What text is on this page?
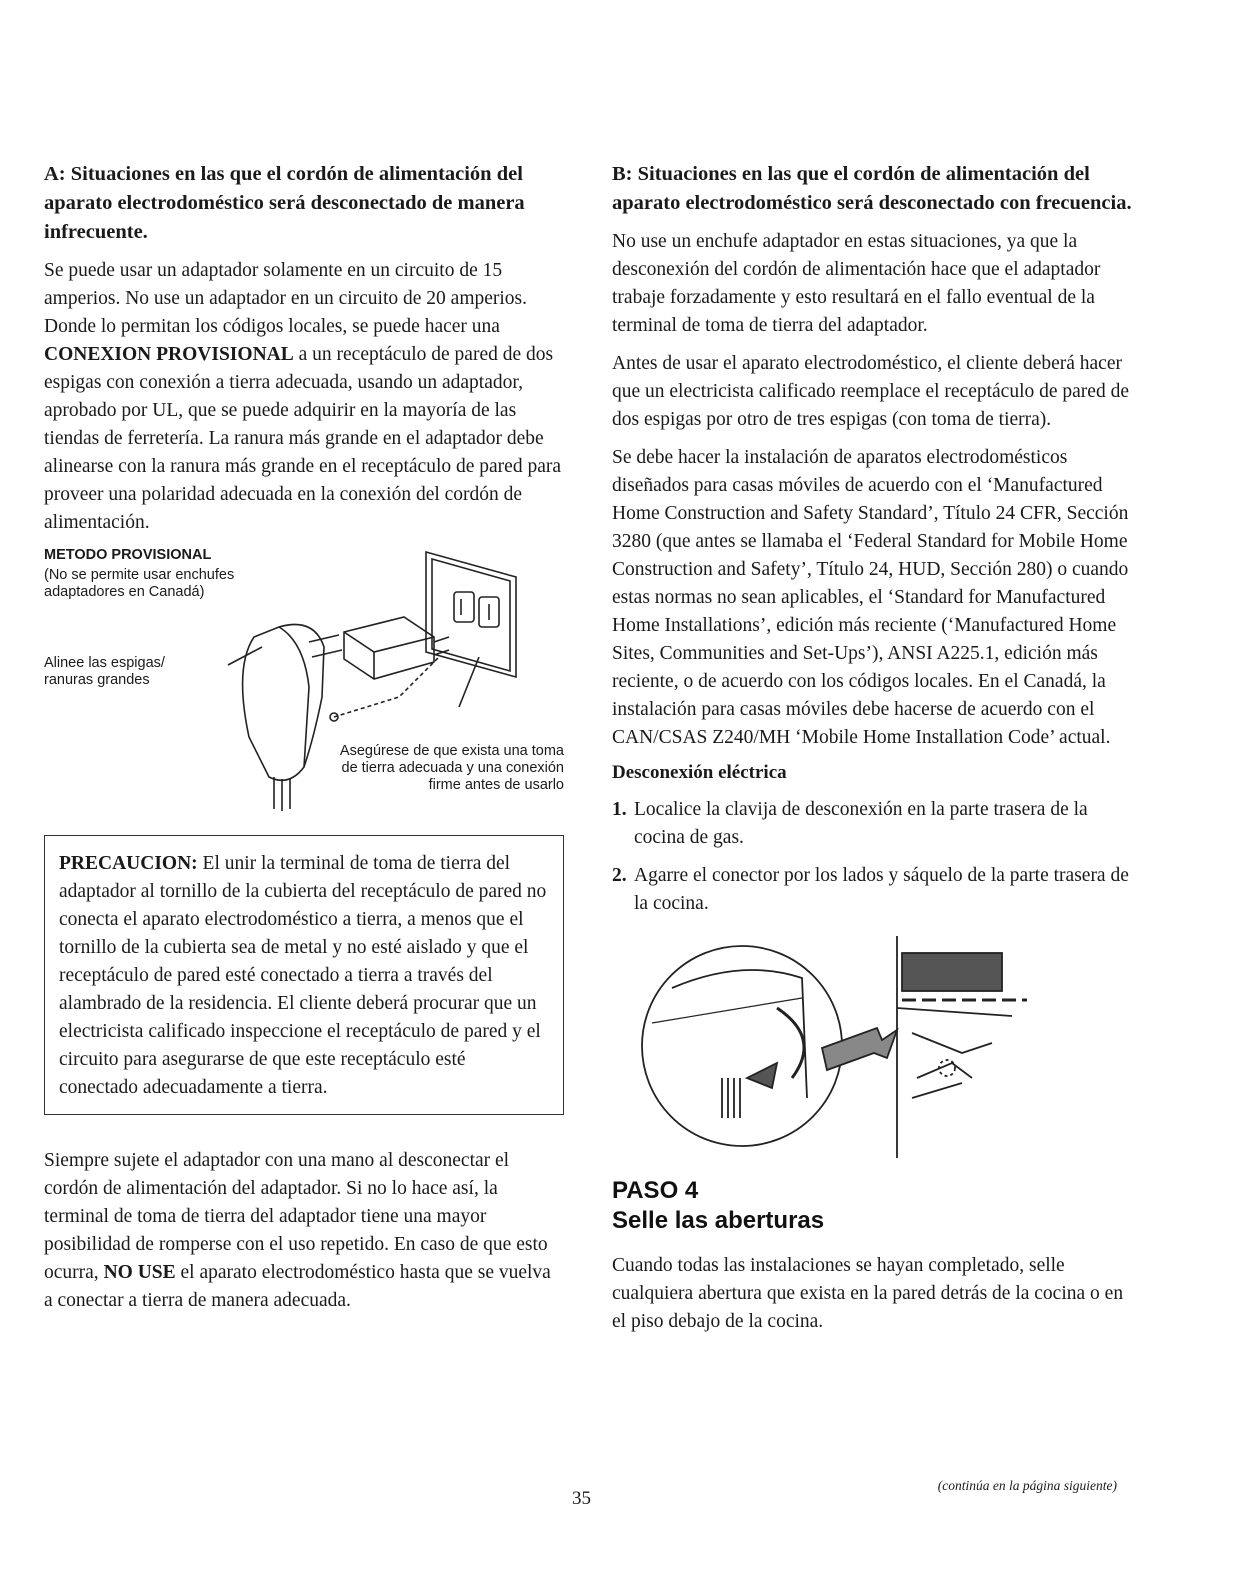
A: Situaciones en las que el cordón de alimentación del aparato electrodoméstico será desconectado de manera infrecuente.

Se puede usar un adaptador solamente en un circuito de 15 amperios. No use un adaptador en un circuito de 20 amperios. Donde lo permitan los códigos locales, se puede hacer una CONEXION PROVISIONAL a un receptáculo de pared de dos espigas con conexión a tierra adecuada, usando un adaptador, aprobado por UL, que se puede adquirir en la mayoría de las tiendas de ferretería. La ranura más grande en el adaptador debe alinearse con la ranura más grande en el receptáculo de pared para proveer una polaridad adecuada en la conexión del cordón de alimentación.

METODO PROVISIONAL
(No se permite usar enchufes adaptadores en Canadá)
Alinee las espigas/ ranuras grandes
Asegúrese de que exista una toma de tierra adecuada y una conexión firme antes de usarlo
PRECAUCION: El unir la terminal de toma de tierra del adaptador al tornillo de la cubierta del receptáculo de pared no conecta el aparato electrodoméstico a tierra, a menos que el tornillo de la cubierta sea de metal y no esté aislado y que el receptáculo de pared esté conectado a tierra a través del alambrado de la residencia. El cliente deberá procurar que un electricista calificado inspeccione el receptáculo de pared y el circuito para asegurarse de que este receptáculo esté conectado adecuadamente a tierra.

Siempre sujete el adaptador con una mano al desconectar el cordón de alimentación del adaptador. Si no lo hace así, la terminal de toma de tierra del adaptador tiene una mayor posibilidad de romperse con el uso repetido. En caso de que esto ocurra, NO USE el aparato electrodoméstico hasta que se vuelva a conectar a tierra de manera adecuada.

B: Situaciones en las que el cordón de alimentación del aparato electrodoméstico será desconectado con frecuencia.

No use un enchufe adaptador en estas situaciones, ya que la desconexión del cordón de alimentación hace que el adaptador trabaje forzadamente y esto resultará en el fallo eventual de la terminal de toma de tierra del adaptador.

Antes de usar el aparato electrodoméstico, el cliente deberá hacer que un electricista calificado reemplace el receptáculo de pared de dos espigas por otro de tres espigas (con toma de tierra).

Se debe hacer la instalación de aparatos electrodomésticos diseñados para casas móviles de acuerdo con el ‘Manufactured Home Construction and Safety Standard’, Título 24 CFR, Sección 3280 (que antes se llamaba el ‘Federal Standard for Mobile Home Construction and Safety’, Título 24, HUD, Sección 280) o cuando estas normas no sean aplicables, el ‘Standard for Manufactured Home Installations’, edición más reciente (‘Manufactured Home Sites, Communities and Set-Ups’), ANSI A225.1, edición más reciente, o de acuerdo con los códigos locales. En el Canadá, la instalación para casas móviles debe hacerse de acuerdo con el CAN/CSAS Z240/MH ‘Mobile Home Installation Code’ actual.

Desconexión eléctrica

1. Localice la clavija de desconexión en la parte trasera de la cocina de gas.
2. Agarre el conector por los lados y sáquelo de la parte trasera de la cocina.

PASO 4

Selle las aberturas

Cuando todas las instalaciones se hayan completado, selle cualquiera abertura que exista en la pared detrás de la cocina o en el piso debajo de la cocina.

35
(continúa en la página siguiente)
